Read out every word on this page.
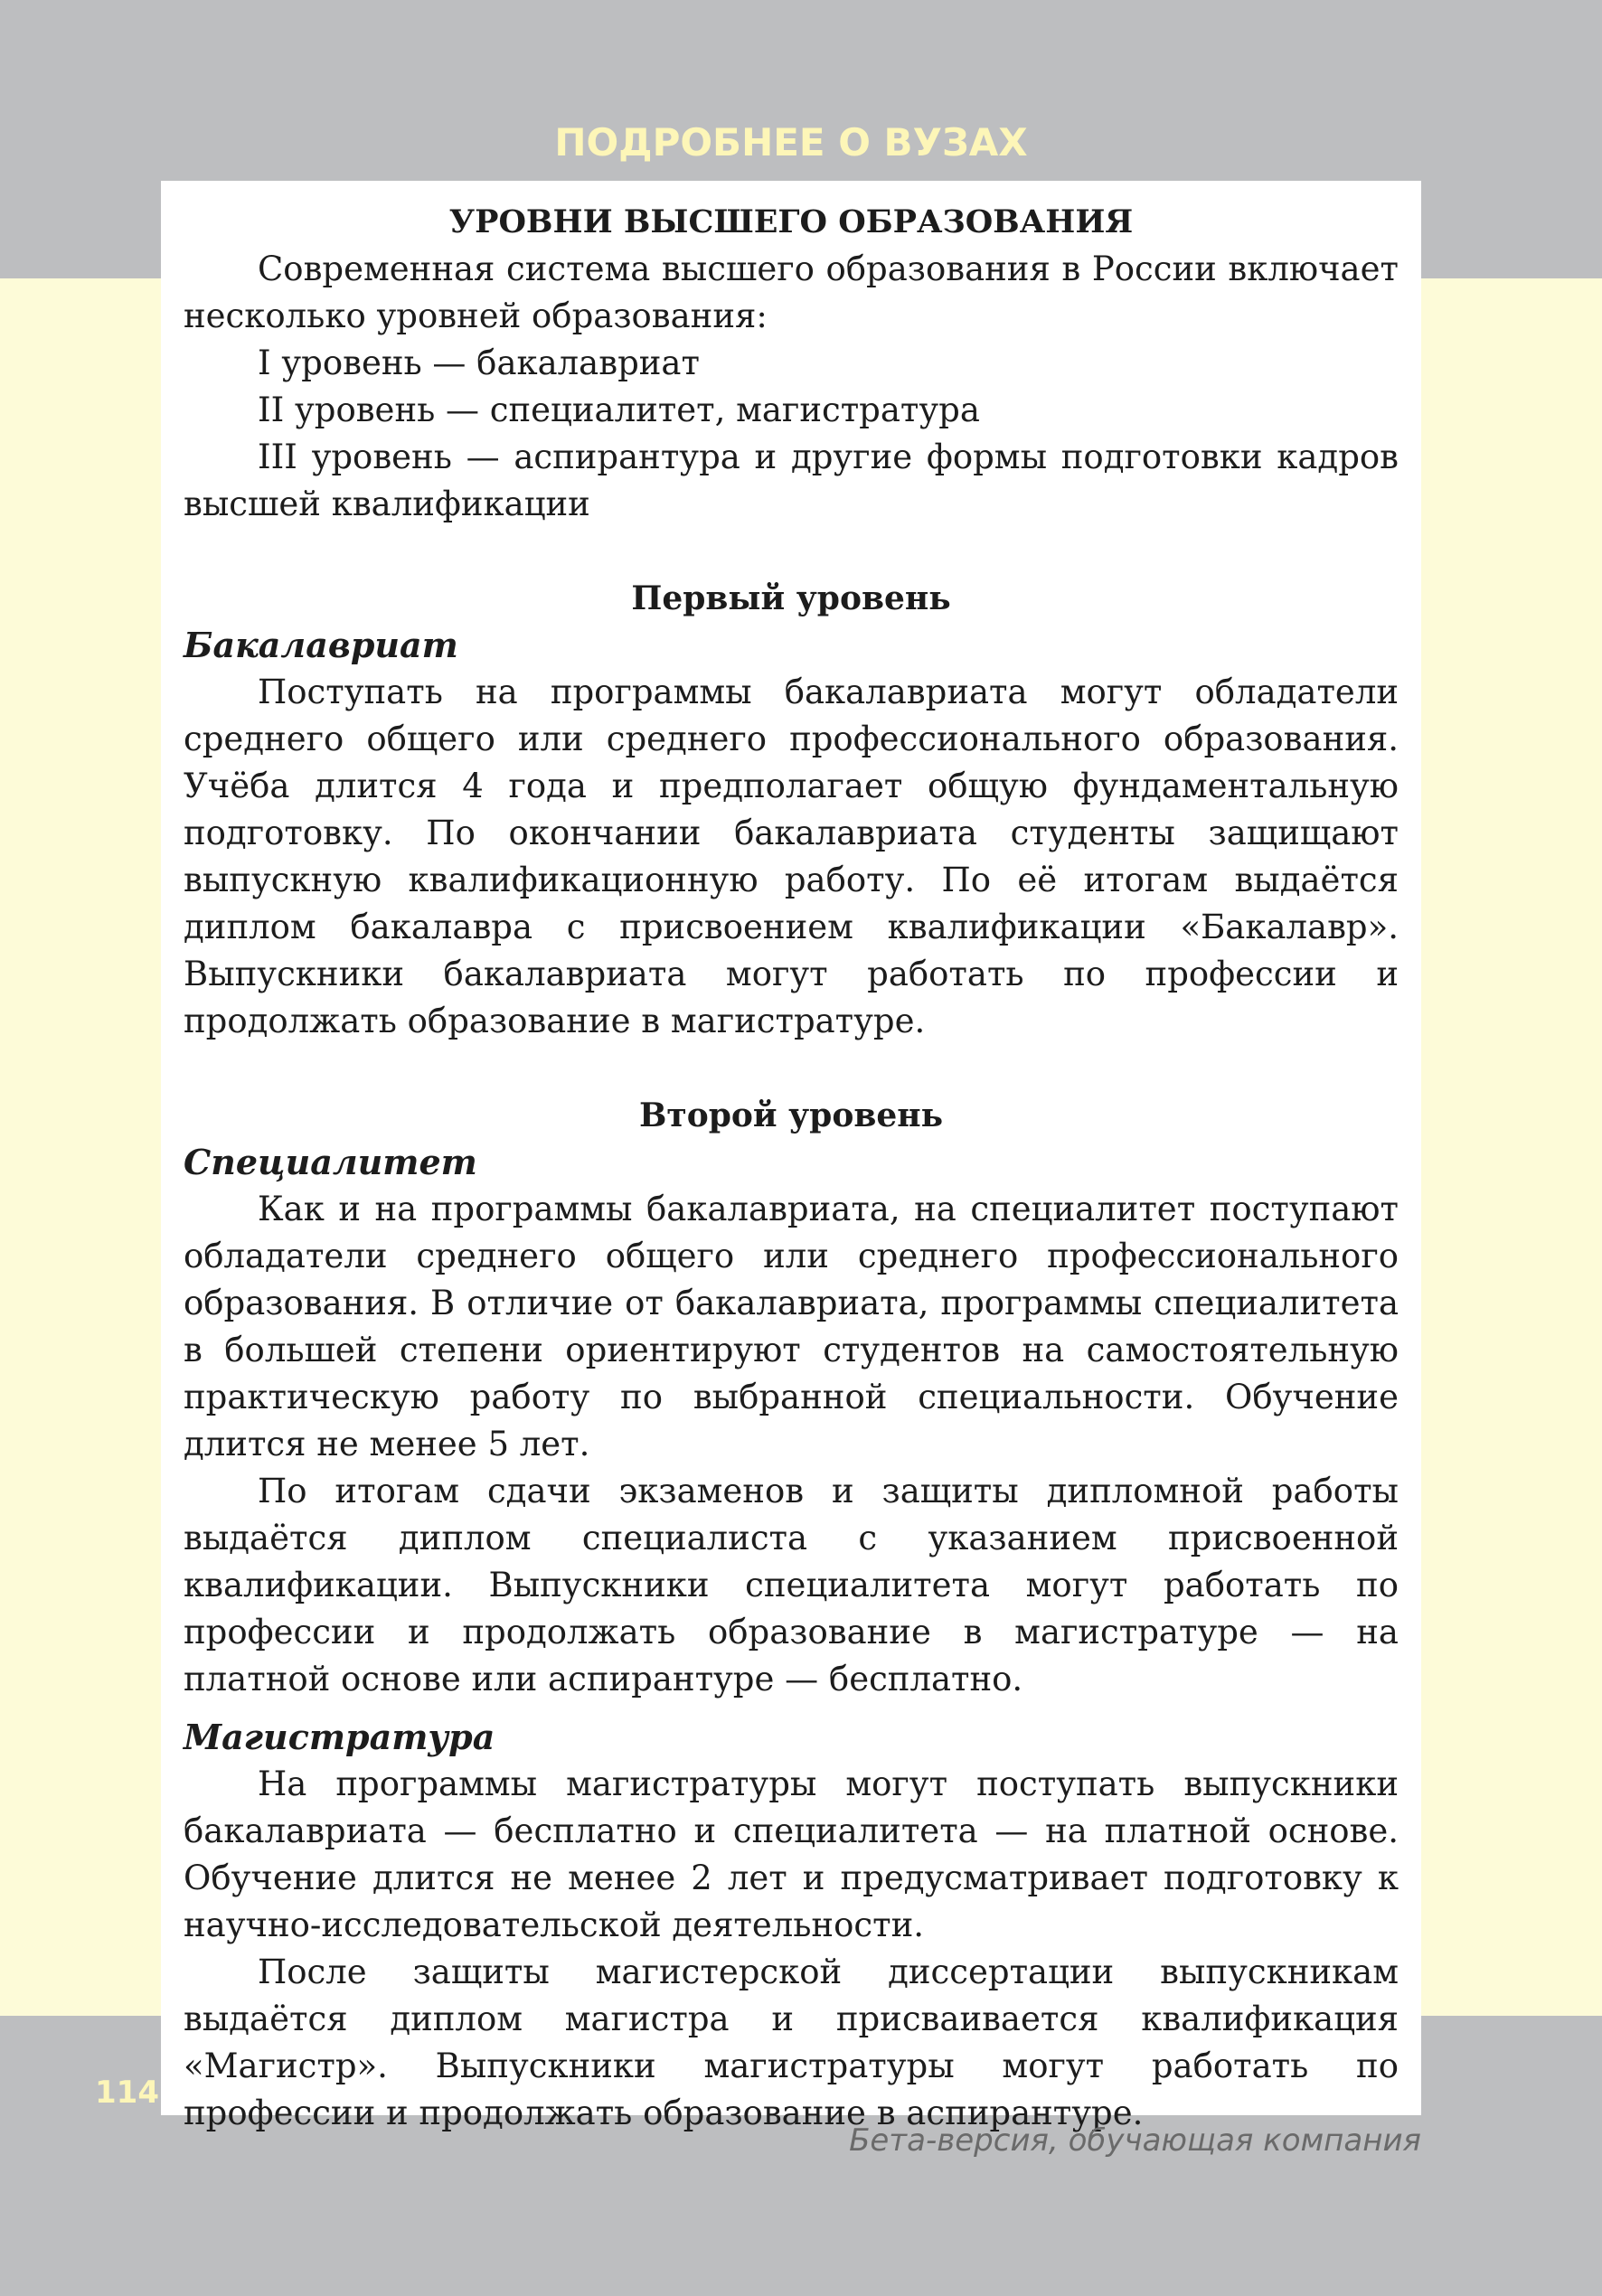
ПОДРОБНЕЕ О ВУЗАХ

УРОВНИ ВЫСШЕГО ОБРАЗОВАНИЯ

Современная система высшего образования в России включает несколько уровней образования:

I уровень — бакалавриат

II уровень — специалитет, магистратура

III уровень — аспирантура и другие формы подготовки кадров высшей квалификации

Первый уровень

Бакалавриат

Поступать на программы бакалавриата могут обладатели среднего общего или среднего профессионального образования. Учёба длится 4 года и предполагает общую фундаментальную подготовку. По окончании бакалавриата студенты защищают выпускную квалификационную работу. По её итогам выдаётся диплом бакалавра с присвоением квалификации «Бакалавр». Выпускники бакалавриата могут работать по профессии и продолжать образование в магистратуре.

Второй уровень

Специалитет

Как и на программы бакалавриата, на специалитет поступают обладатели среднего общего или среднего профессионального образования. В отличие от бакалавриата, программы специалитета в большей степени ориентируют студентов на самостоятельную практическую работу по выбранной специальности. Обучение длится не менее 5 лет.

По итогам сдачи экзаменов и защиты дипломной работы выдаётся диплом специалиста с указанием присвоенной квалификации. Выпускники специалитета могут работать по профессии и продолжать образование в магистратуре — на платной основе или аспирантуре — бесплатно.

Магистратура

На программы магистратуры могут поступать выпускники бакалавриата — бесплатно и специалитета — на платной основе. Обучение длится не менее 2 лет и предусматривает подготовку к научно-исследовательской деятельности.

После защиты магистерской диссертации выпускникам выдаётся диплом магистра и присваивается квалификация «Магистр». Выпускники магистратуры могут работать по профессии и продолжать образование в аспирантуре.

114
Бета-версия, обучающая компания
